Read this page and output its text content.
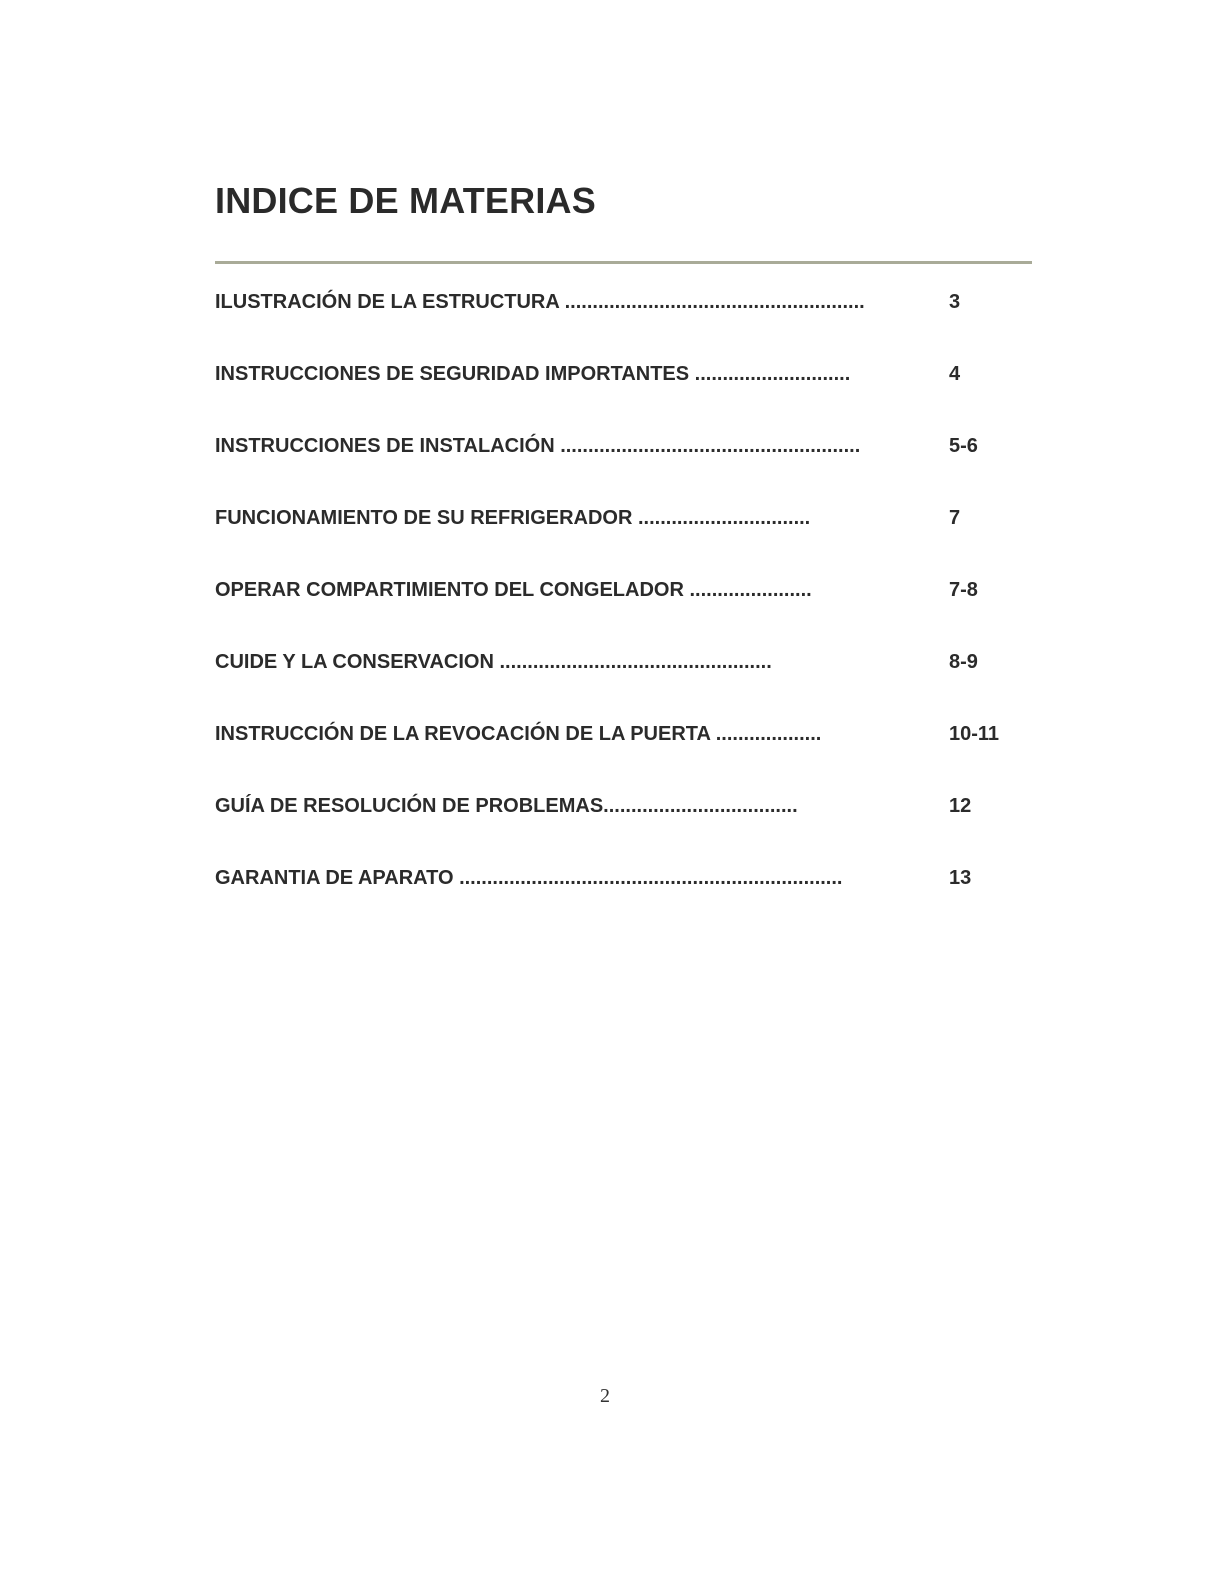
INDICE DE MATERIAS
ILUSTRACIÓN DE LA ESTRUCTURA ......................................................	3
INSTRUCCIONES DE SEGURIDAD IMPORTANTES ............................	4
INSTRUCCIONES DE INSTALACIÓN ......................................................	5-6
FUNCIONAMIENTO DE SU REFRIGERADOR ...............................	7
OPERAR COMPARTIMIENTO DEL CONGELADOR ......................	7-8
CUIDE Y LA CONSERVACION .................................................	8-9
INSTRUCCIÓN DE LA REVOCACIÓN DE LA PUERTA ...................	10-11
GUÍA DE RESOLUCIÓN DE PROBLEMAS...................................	12
GARANTIA DE APARATO .....................................................................	13
2
